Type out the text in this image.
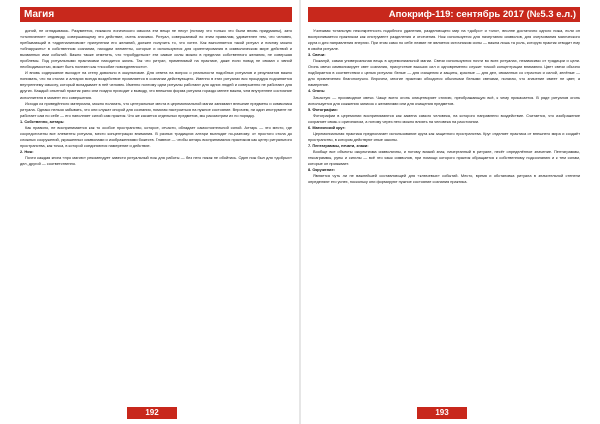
Магия

доний, не оглядываясь. Разумеется, никакого логического смысла эти вещи не несут (потому что только что были вновь придуманы), зато «отключение» индивиду, совершающему это действие, очень значимо. Ритуал, совершаемый по этим правилам, удивителен тем, что человек, пребывающий в «адреналиновом» прилунении его желаний, должен получить то, что хотел. Как выполняется такой ритуал и почему можно «обнаружить» в собственном сознании, находим элементы, которые и используются для ориентирования в символическом мире действий и вызванных ими событий. Важно также отметить, что «пробудиться» эти самые силы можно в пределах собственного желания, не совершая проблемы. Под ритуальными практиками находится жизнь. Так что ритуал, применимый на практике, даже если повод не связан с явной необходимостью, может быть полезен как «пособие повседневности».

И вновь содержание выходит на стену довольно в оккультизме. Для ответа на вопрос о реальности подобных ритуалов и результатов важно понимать, что на столах и алтарях всегда воздействие проявляется в сознании действующего. Именно в этих ритуалах вся процедура подчиняется внутреннему смыслу, который вкладывает в неё человек. Именно поэтому одни ритуалы работают для одних людей и совершенно не работают для других. Каждый опытный практик рано или поздно приходит к выводу, что внешняя форма ритуала гораздо менее важна, чем внутреннее состояние исполнителя в момент его совершения.

Исходя из приведённого материала, можно полагать, что центральные места в церемониальной магии занимают внешние предметы и символика ритуала. Однако нельзя забывать, что они служат опорой для сознания, помогая настроиться на нужное состояние. Впрочем, ни один инструмент не работает сам по себе — его наполняет силой сам практик. Что же касается отдельных предметов, мы рассмотрим их по порядку.

1. Собственно, алтарь:

Как правило, не воспринимается как то особое пространство, которое, отчасти, обладает самостоятельной силой. Алтарь — это место, где сосредоточены все элементы ритуала, место концентрации внимания. В разных традициях алтари выглядят по-разному: от простого стола до сложных сооружений, украшенных символами и изображениями божеств. Главное — чтобы алтарь воспринимался практиком как центр ритуального пространства, как точка, в которой соединяются намерение и действие.

2. Нож:

Почти каждая книга «про магию» рекомендует завести ритуальный нож для работы — без него никак не обойтись. Один нож был для «добрых» дел, другой — соответственно.

192
Апокриф-119: сентябрь 2017 (№5.3 е.л.)

Учитывая тотальную неконкретность подобного удаления, разделяющего мир на «добро» и «зло», вполне достаточно одного ножа, если он воспринимается практиком как инструмент разделения и отсечения. Нож используется для начертания символов, для очерчивания магического круга и для направления энергии. При этом само по себе лезвие не является источником силы — важна лишь та роль, которую практик отводит ему в своём ритуале.

3. Свечи:

Пожалуй, самая универсальная вещь в церемониальной магии. Свечи используются почти во всех ритуалах, независимо от традиции и цели. Огонь свечи символизирует свет сознания, присутствие высших сил и одновременно служит точкой концентрации внимания. Цвет свечи обычно подбирается в соответствии с целью ритуала: белые — для очищения и защиты, красные — для дел, связанных со страстью и силой, зелёные — для привлечения благополучия. Впрочем, многие практики обходятся обычными белыми свечами, полагая, что значение имеет не цвет, а намерение.

4. Огонь:

Зачастую — производное свечи. Чаще всего огонь олицетворяет стихию, преображающую всё, к чему прикасается. В ряде ритуалов огонь используется для сожжения записок с желаниями или для очищения предметов.

5. Фотографии:

Фотографии в церемонии воспринимаются как замена самого человека, на которого направлено воздействие. Считается, что изображение сохраняет связь с оригиналом, а потому через него можно влиять на человека на расстоянии.

6. Магический круг:

Церемониальная практика предполагает использование круга как защитного пространства. Круг отделяет практика от внешнего мира и создаёт пространство, в котором действуют иные законы.

7. Пентаграммы, печати, знаки:

Вообще все объекты оккультизма символичны, и потому всякий знак, начертанный в ритуале, несёт определённое значение. Пентаграммы, гексаграммы, руны и сигилы — всё это язык символов, при помощи которого практик обращается к собственному подсознанию и к тем силам, которые он призывает.

8. Окружение:

Является чуть ли не важнейшей составляющей для «ключевых» событий. Место, время и обстановка ритуала в значительной степени определяют его успех, поскольку они формируют нужное состояние сознания практика.

193
